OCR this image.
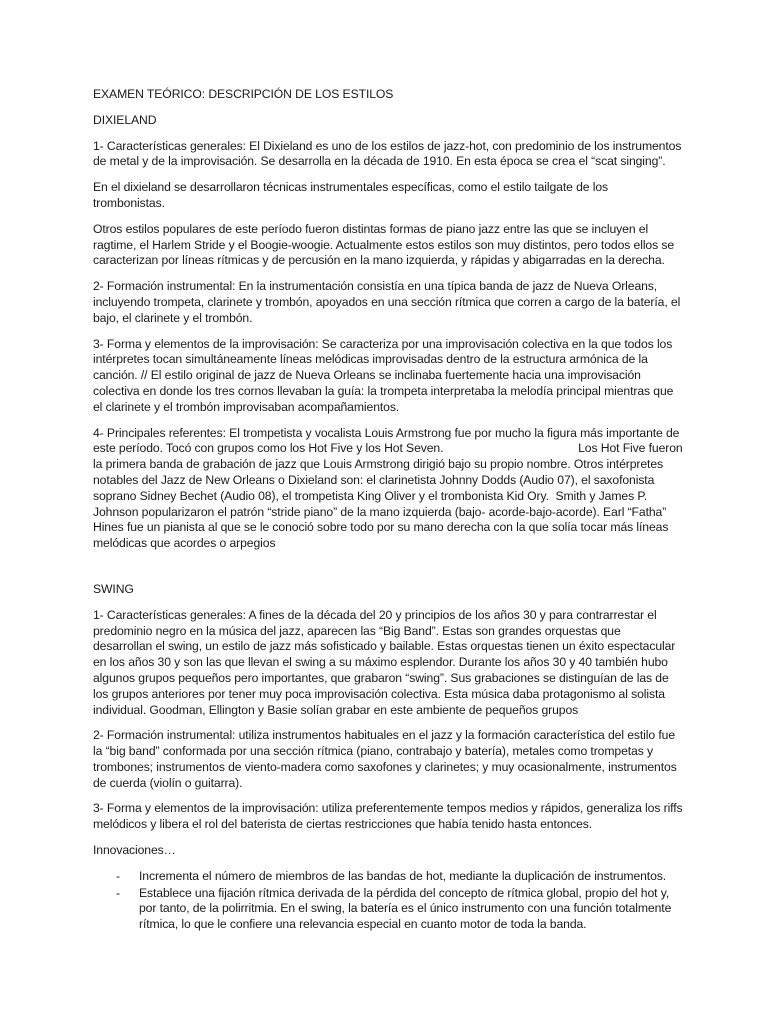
EXAMEN TEÓRICO: DESCRIPCIÓN DE LOS ESTILOS

DIXIELAND

1- Características generales: El Dixieland es uno de los estilos de jazz-hot, con predominio de los instrumentos de metal y de la improvisación. Se desarrolla en la década de 1910. En esta época se crea el “scat singing”.

En el dixieland se desarrollaron técnicas instrumentales específicas, como el estilo tailgate de los trombonistas.

Otros estilos populares de este período fueron distintas formas de piano jazz entre las que se incluyen el ragtime, el Harlem Stride y el Boogie-woogie. Actualmente estos estilos son muy distintos, pero todos ellos se caracterizan por líneas rítmicas y de percusión en la mano izquierda, y rápidas y abigarradas en la derecha.

2- Formación instrumental: En la instrumentación consistía en una típica banda de jazz de Nueva Orleans, incluyendo trompeta, clarinete y trombón, apoyados en una sección rítmica que corren a cargo de la batería, el bajo, el clarinete y el trombón.

3- Forma y elementos de la improvisación: Se caracteriza por una improvisación colectiva en la que todos los intérpretes tocan simultáneamente líneas melódicas improvisadas dentro de la estructura armónica de la canción. // El estilo original de jazz de Nueva Orleans se inclinaba fuertemente hacia una improvisación colectiva en donde los tres cornos llevaban la guía: la trompeta interpretaba la melodía principal mientras que el clarinete y el trombón improvisaban acompañamientos.

4- Principales referentes: El trompetista y vocalista Louis Armstrong fue por mucho la figura más importante de este período. Tocó con grupos como los Hot Five y los Hot Seven.                                         Los Hot Five fueron la primera banda de grabación de jazz que Louis Armstrong dirigió bajo su propio nombre. Otros intérpretes notables del Jazz de New Orleans o Dixieland son: el clarinetista Johnny Dodds (Audio 07), el saxofonista soprano Sidney Bechet (Audio 08), el trompetista King Oliver y el trombonista Kid Ory.  Smith y James P. Johnson popularizaron el patrón “stride piano” de la mano izquierda (bajo- acorde-bajo-acorde). Earl “Fatha” Hines fue un pianista al que se le conoció sobre todo por su mano derecha con la que solía tocar más líneas melódicas que acordes o arpegios

SWING

1- Características generales: A fines de la década del 20 y principios de los años 30 y para contrarrestar el predominio negro en la música del jazz, aparecen las “Big Band”. Estas son grandes orquestas que desarrollan el swing, un estilo de jazz más sofisticado y bailable. Estas orquestas tienen un éxito espectacular en los años 30 y son las que llevan el swing a su máximo esplendor. Durante los años 30 y 40 también hubo algunos grupos pequeños pero importantes, que grabaron “swing”. Sus grabaciones se distinguían de las de los grupos anteriores por tener muy poca improvisación colectiva. Esta música daba protagonismo al solista individual. Goodman, Ellington y Basie solían grabar en este ambiente de pequeños grupos

2- Formación instrumental: utiliza instrumentos habituales en el jazz y la formación característica del estilo fue la “big band” conformada por una sección rítmica (piano, contrabajo y batería), metales como trompetas y trombones; instrumentos de viento-madera como saxofones y clarinetes; y muy ocasionalmente, instrumentos de cuerda (violín o guitarra).

3- Forma y elementos de la improvisación: utiliza preferentemente tempos medios y rápidos, generaliza los riffs melódicos y libera el rol del baterista de ciertas restricciones que había tenido hasta entonces.

Innovaciones…

- Incrementa el número de miembros de las bandas de hot, mediante la duplicación de instrumentos.
- Establece una fijación rítmica derivada de la pérdida del concepto de rítmica global, propio del hot y, por tanto, de la polirritmia. En el swing, la batería es el único instrumento con una función totalmente rítmica, lo que le confiere una relevancia especial en cuanto motor de toda la banda.
